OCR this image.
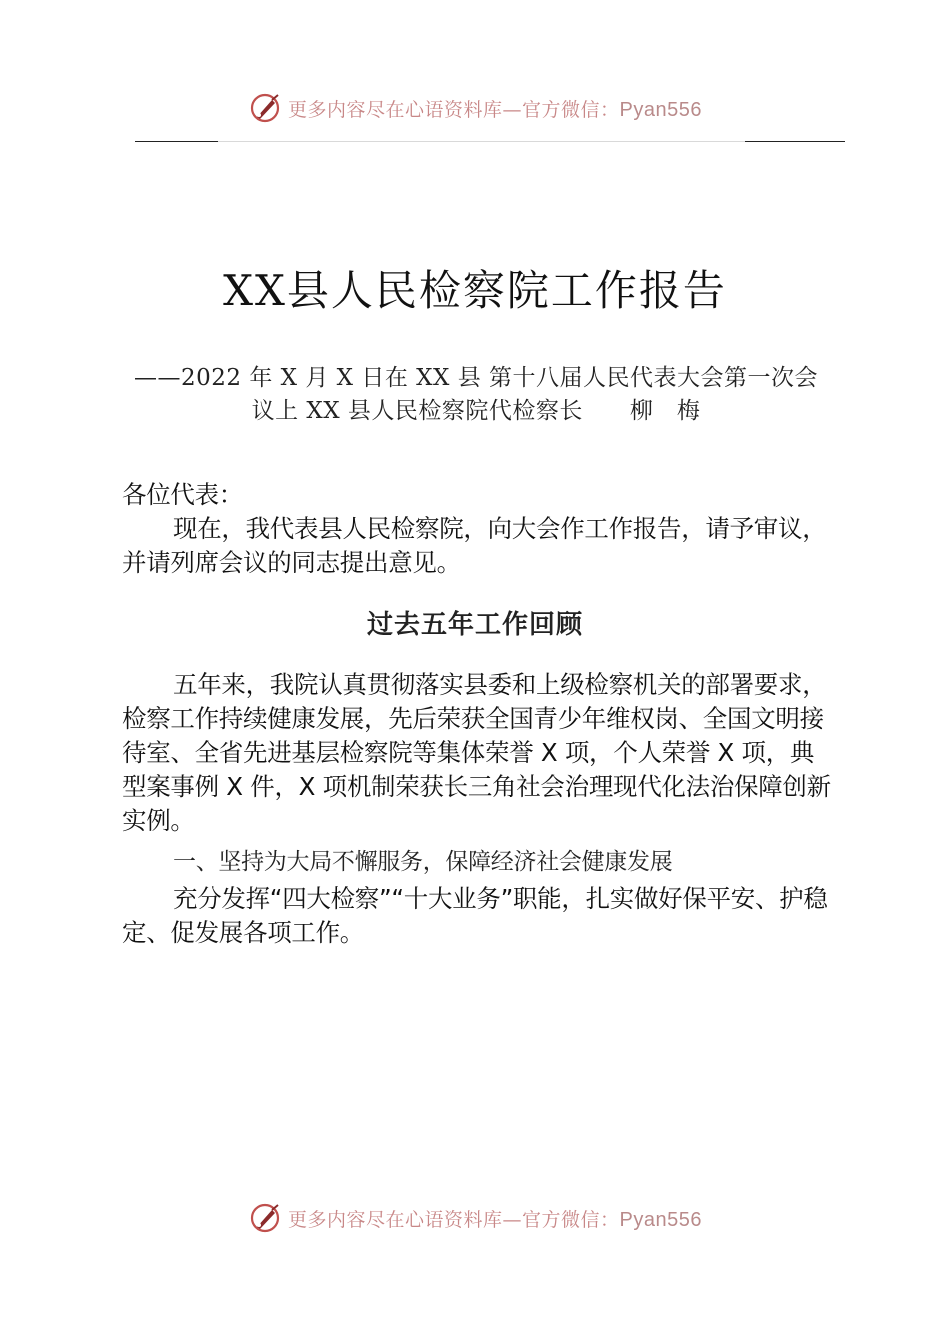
更多内容尽在心语资料库—官方微信：Pyan556
XX县人民检察院工作报告
——2022 年 X 月 X 日在 XX 县 第十八届人民代表大会第一次会
议上 XX 县人民检察院代检察长　　柳　梅

各位代表：

现在，我代表县人民检察院，向大会作工作报告，请予审议，并请列席会议的同志提出意见。

过去五年工作回顾

五年来，我院认真贯彻落实县委和上级检察机关的部署要求，检察工作持续健康发展，先后荣获全国青少年维权岗、全国文明接待室、全省先进基层检察院等集体荣誉 X 项，个人荣誉 X 项，典型案事例 X 件，X 项机制荣获长三角社会治理现代化法治保障创新实例。

一、坚持为大局不懈服务，保障经济社会健康发展

充分发挥“四大检察”“十大业务”职能，扎实做好保平安、护稳定、促发展各项工作。

更多内容尽在心语资料库—官方微信：Pyan556
